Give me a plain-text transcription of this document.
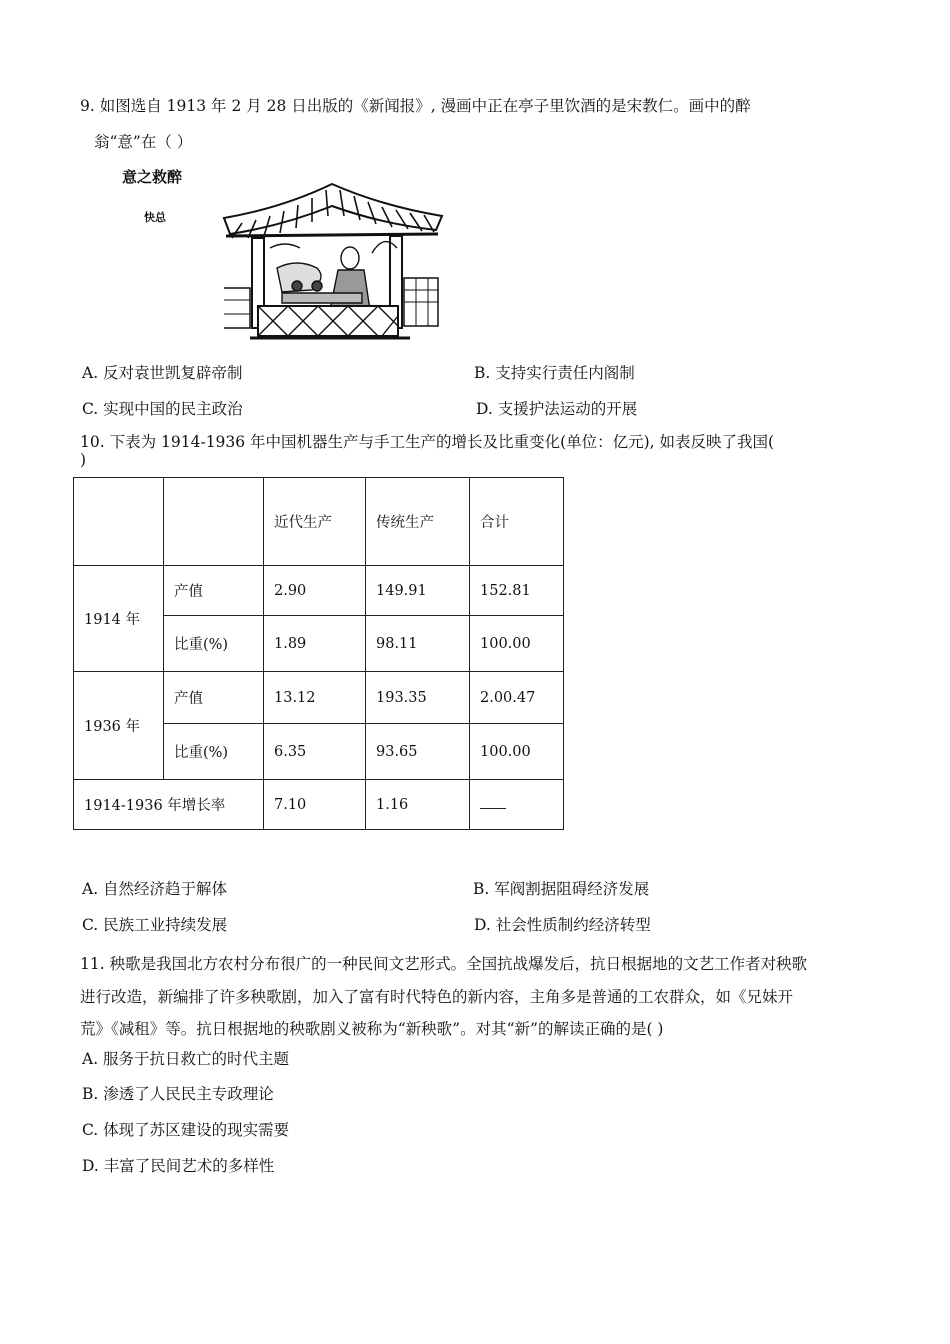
9. 如图选自 1913 年 2 月 28 日出版的《新闻报》, 漫画中正在亭子里饮酒的是宋教仁。画中的醉
翁“意”在（ ）
意之救醉
快总
A. 反对袁世凯复辟帝制	B. 支持实行责任内阁制
C. 实现中国的民主政治	D. 支援护法运动的开展
10. 下表为 1914-1936 年中国机器生产与手工生产的增长及比重变化(单位：亿元), 如表反映了我国(
)
		近代生产	传统生产	合计
1914 年	产值	2.90	149.91	152.81
	比重(%)	1.89	98.11	100.00
1936 年	产值	13.12	193.35	2.00.47
	比重(%)	6.35	93.65	100.00
1914-1936 年增长率		7.10	1.16	
A. 自然经济趋于解体	B. 军阀割据阻碍经济发展
C. 民族工业持续发展	D. 社会性质制约经济转型
11. 秧歌是我国北方农村分布很广的一种民间文艺形式。全国抗战爆发后，抗日根据地的文艺工作者对秧歌
进行改造，新编排了许多秧歌剧，加入了富有时代特色的新内容，主角多是普通的工农群众，如《兄妹开
荒》《减租》等。抗日根据地的秧歌剧义被称为“新秧歌”。对其“新”的解读正确的是( )
A. 服务于抗日救亡的时代主题
B. 渗透了人民民主专政理论
C. 体现了苏区建设的现实需要
D. 丰富了民间艺术的多样性
